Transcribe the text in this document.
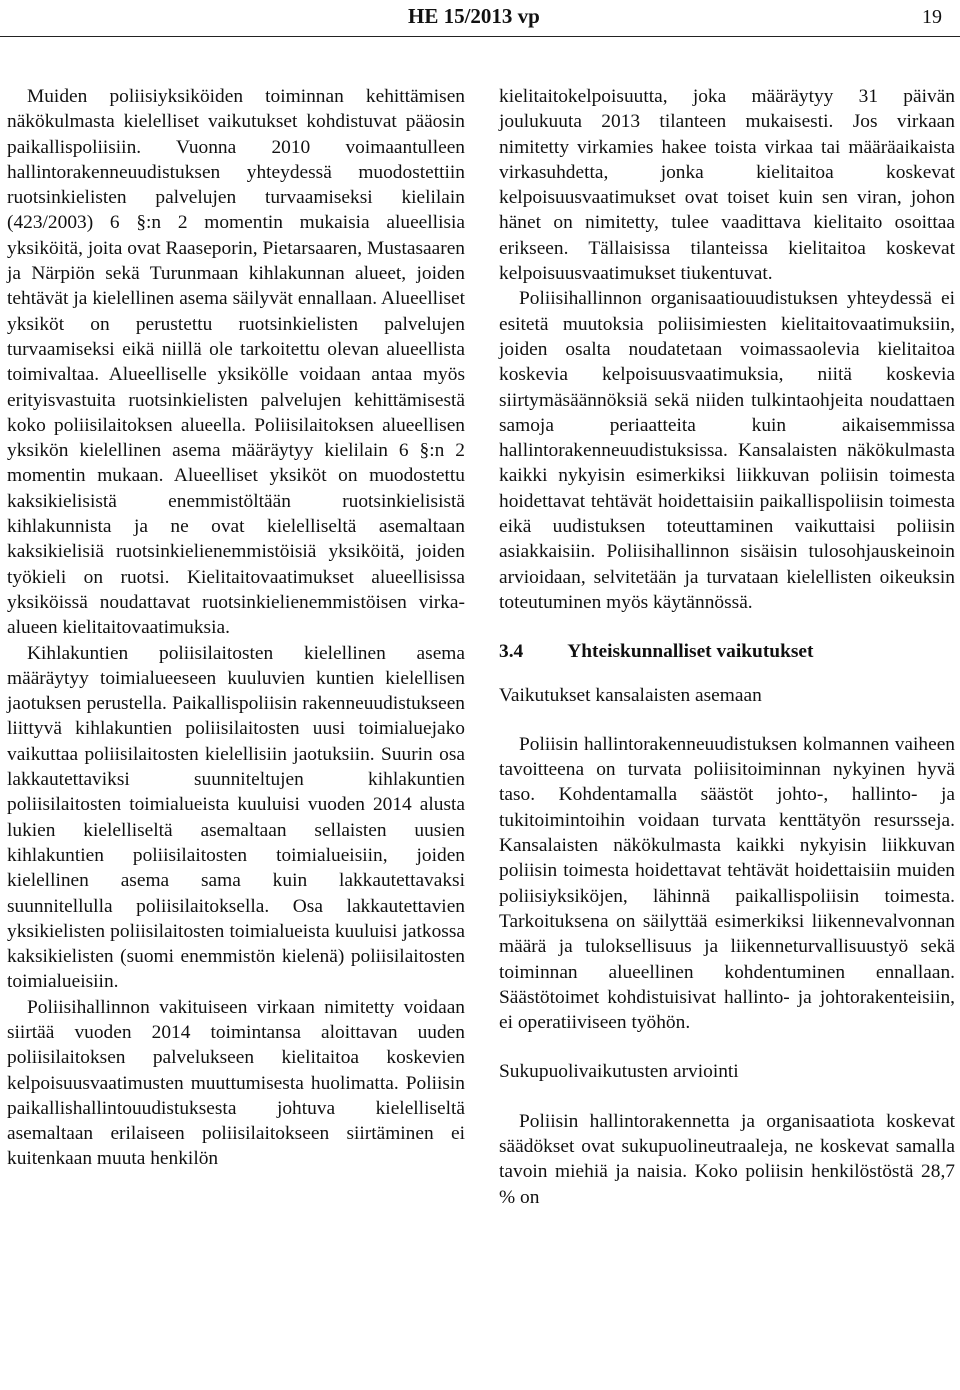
HE 15/2013 vp	19

Muiden poliisiyksiköiden toiminnan kehittämisen näkökulmasta kielelliset vaikutukset kohdistuvat pääosin paikallispoliisiin. Vuonna 2010 voimaantulleen hallintorakenneuudistuksen yhteydessä muodostettiin ruotsinkielisten palvelujen turvaamiseksi kielilain (423/2003) 6 §:n 2 momentin mukaisia alueellisia yksiköitä, joita ovat Raaseporin, Pietarsaaren, Mustasaaren ja Närpiön sekä Turunmaan kihlakunnan alueet, joiden tehtävät ja kielellinen asema säilyvät ennallaan. Alueelliset yksiköt on perustettu ruotsinkielisten palvelujen turvaamiseksi eikä niillä ole tarkoitettu olevan alueellista toimivaltaa. Alueelliselle yksikölle voidaan antaa myös erityisvastuita ruotsinkielisten palvelujen kehittämisestä koko poliisilaitoksen alueella. Poliisilaitoksen alueellisen yksikön kielellinen asema määräytyy kielilain 6 §:n 2 momentin mukaan. Alueelliset yksiköt on muodostettu kaksikielisistä enemmistöltään ruotsinkielisistä kihlakunnista ja ne ovat kielelliseltä asemaltaan kaksikielisiä ruotsinkielienemmistöisiä yksiköitä, joiden työkieli on ruotsi. Kielitaitovaatimukset alueellisissa yksiköissä noudattavat ruotsinkielienemmistöisen virka-alueen kielitaitovaatimuksia.

Kihlakuntien poliisilaitosten kielellinen asema määräytyy toimialueeseen kuuluvien kuntien kielellisen jaotuksen perustella. Paikallispoliisin rakenneuudistukseen liittyvä kihlakuntien poliisilaitosten uusi toimialuejako vaikuttaa poliisilaitosten kielellisiin jaotuksiin. Suurin osa lakkautettaviksi suunniteltujen kihlakuntien poliisilaitosten toimialueista kuuluisi vuoden 2014 alusta lukien kielelliseltä asemaltaan sellaisten uusien kihlakuntien poliisilaitosten toimialueisiin, joiden kielellinen asema sama kuin lakkautettavaksi suunnitellulla poliisilaitoksella. Osa lakkautettavien yksikielisten poliisilaitosten toimialueista kuuluisi jatkossa kaksikielisten (suomi enemmistön kielenä) poliisilaitosten toimialueisiin.

Poliisihallinnon vakituiseen virkaan nimitetty voidaan siirtää vuoden 2014 toimintansa aloittavan uuden poliisilaitoksen palvelukseen kielitaitoa koskevien kelpoisuusvaatimusten muuttumisesta huolimatta. Poliisin paikallishallintouudistuksesta johtuva kielelliseltä asemaltaan erilaiseen poliisilaitokseen siirtäminen ei kuitenkaan muuta henkilön

kielitaitokelpoisuutta, joka määräytyy 31 päivän joulukuuta 2013 tilanteen mukaisesti. Jos virkaan nimitetty virkamies hakee toista virkaa tai määräaikaista virkasuhdetta, jonka kielitaitoa koskevat kelpoisuusvaatimukset ovat toiset kuin sen viran, johon hänet on nimitetty, tulee vaadittava kielitaito osoittaa erikseen. Tällaisissa tilanteissa kielitaitoa koskevat kelpoisuusvaatimukset tiukentuvat.

Poliisihallinnon organisaatiouudistuksen yhteydessä ei esitetä muutoksia poliisimiesten kielitaitovaatimuksiin, joiden osalta noudatetaan voimassaolevia kielitaitoa koskevia kelpoisuusvaatimuksia, niitä koskevia siirtymäsäännöksiä sekä niiden tulkintaohjeita noudattaen samoja periaatteita kuin aikaisemmissa hallintorakenneuudistuksissa. Kansalaisten näkökulmasta kaikki nykyisin esimerkiksi liikkuvan poliisin toimesta hoidettavat tehtävät hoidettaisiin paikallispoliisin toimesta eikä uudistuksen toteuttaminen vaikuttaisi poliisin asiakkaisiin. Poliisihallinnon sisäisin tulosohjauskeinoin arvioidaan, selvitetään ja turvataan kielellisten oikeuksin toteutuminen myös käytännössä.

3.4 Yhteiskunnalliset vaikutukset

Vaikutukset kansalaisten asemaan

Poliisin hallintorakenneuudistuksen kolmannen vaiheen tavoitteena on turvata poliisitoiminnan nykyinen hyvä taso. Kohdentamalla säästöt johto-, hallinto- ja tukitoimintoihin voidaan turvata kenttätyön resursseja. Kansalaisten näkökulmasta kaikki nykyisin liikkuvan poliisin toimesta hoidettavat tehtävät hoidettaisiin muiden poliisiyksiköjen, lähinnä paikallispoliisin toimesta. Tarkoituksena on säilyttää esimerkiksi liikennevalvonnan määrä ja tuloksellisuus ja liikenneturvallisuustyö sekä toiminnan alueellinen kohdentuminen ennallaan. Säästötoimet kohdistuisivat hallinto- ja johtorakenteisiin, ei operatiiviseen työhön.

Sukupuolivaikutusten arviointi

Poliisin hallintorakennetta ja organisaatiota koskevat säädökset ovat sukupuolineutraaleja, ne koskevat samalla tavoin miehiä ja naisia. Koko poliisin henkilöstöstä 28,7 % on
